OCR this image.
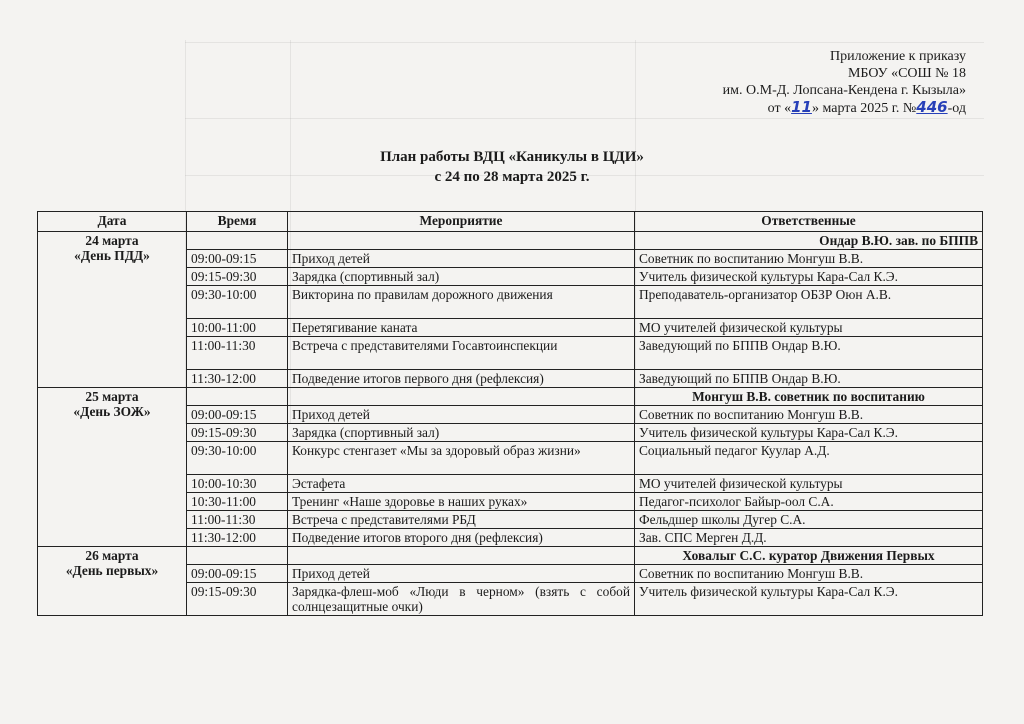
Приложение к приказу
МБОУ «СОШ № 18
им. О.М-Д. Лопсана-Кендена г. Кызыла»
от «11» марта 2025 г. №446-од
План работы ВДЦ «Каникулы в ЦДИ»
с 24 по 28 марта 2025 г.
Дата	Время	Мероприятие	Ответственные

24 марта
«День ПДД»			Ондар В.Ю. зав. по БППВ
	09:00-09:15	Приход детей	Советник по воспитанию Монгуш В.В.
	09:15-09:30	Зарядка (спортивный зал)	Учитель физической культуры Кара-Сал К.Э.
	09:30-10:00	Викторина по правилам дорожного движения	Преподаватель-организатор ОБЗР Оюн А.В.
	10:00-11:00	Перетягивание каната	МО учителей физической культуры
	11:00-11:30	Встреча с представителями Госавтоинспекции	Заведующий по БППВ Ондар В.Ю.
	11:30-12:00	Подведение итогов первого дня (рефлексия)	Заведующий по БППВ Ондар В.Ю.

25 марта
«День ЗОЖ»			Монгуш В.В. советник по воспитанию
	09:00-09:15	Приход детей	Советник по воспитанию Монгуш В.В.
	09:15-09:30	Зарядка (спортивный зал)	Учитель физической культуры Кара-Сал К.Э.
	09:30-10:00	Конкурс стенгазет «Мы за здоровый образ жизни»	Социальный педагог Куулар А.Д.
	10:00-10:30	Эстафета	МО учителей физической культуры
	10:30-11:00	Тренинг «Наше здоровье в наших руках»	Педагог-психолог Байыр-оол С.А.
	11:00-11:30	Встреча с представителями РБД	Фельдшер школы Дугер С.А.
	11:30-12:00	Подведение итогов второго дня (рефлексия)	Зав. СПС Мерген Д.Д.

26 марта
«День первых»			Ховалыг С.С. куратор Движения Первых
	09:00-09:15	Приход детей	Советник по воспитанию Монгуш В.В.
	09:15-09:30	Зарядка-флеш-моб «Люди в черном» (взять с собой солнцезащитные очки)	Учитель физической культуры Кара-Сал К.Э.
